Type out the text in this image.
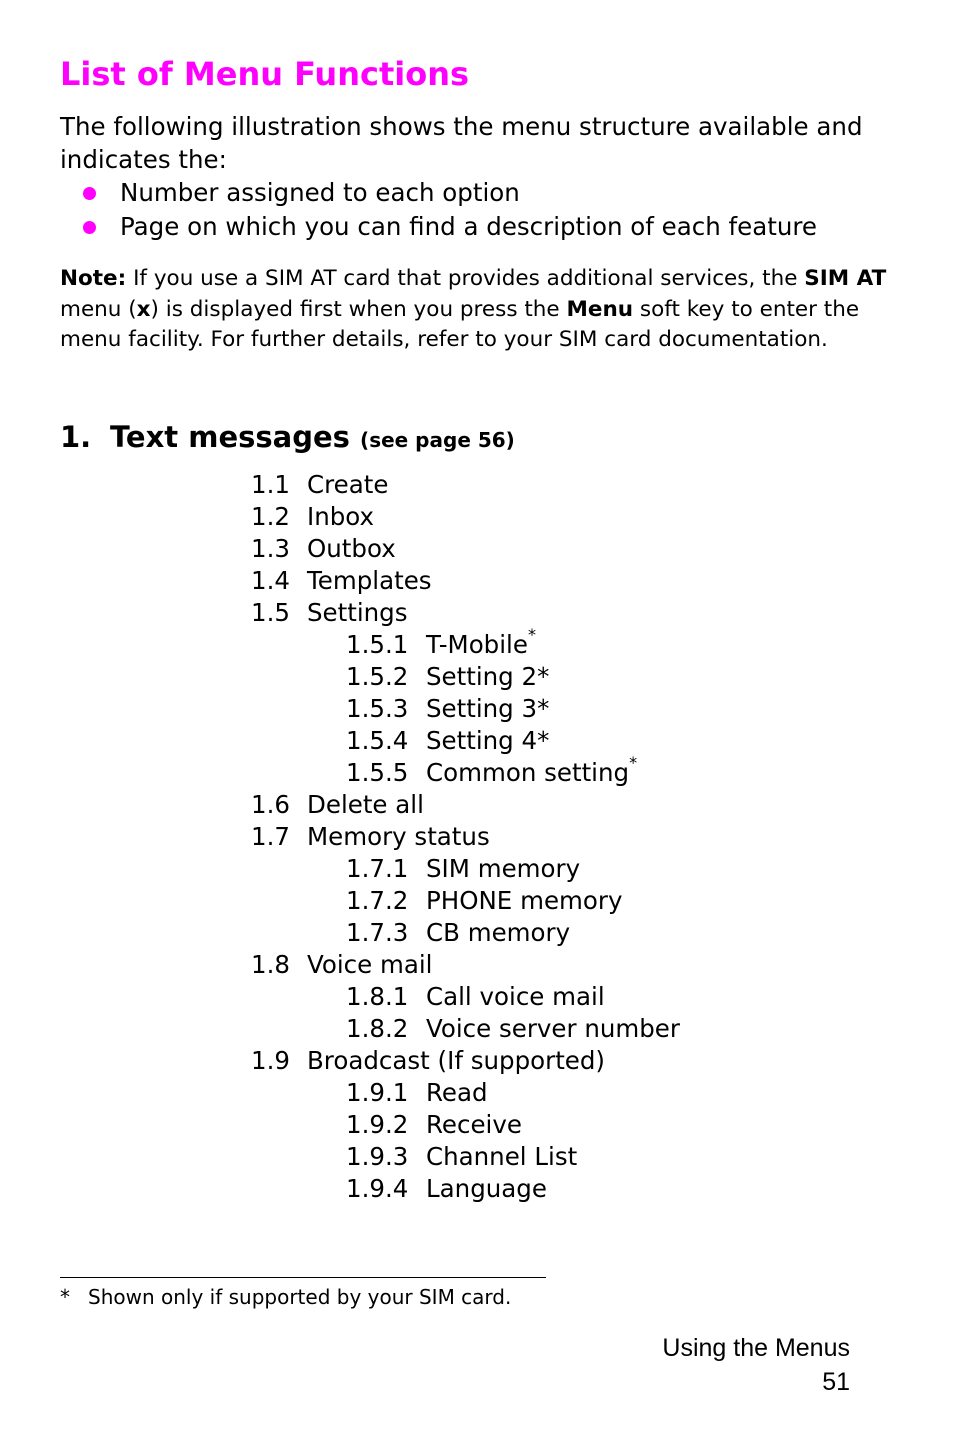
List of Menu Functions

The following illustration shows the menu structure available and indicates the:

Number assigned to each option
Page on which you can find a description of each feature

Note: If you use a SIM AT card that provides additional services, the SIM AT menu (x) is displayed first when you press the Menu soft key to enter the menu facility. For further details, refer to your SIM card documentation.

1. Text messages (see page 56)
1.1 Create
1.2 Inbox
1.3 Outbox
1.4 Templates
1.5 Settings
1.5.1 T-Mobile*
1.5.2 Setting 2*
1.5.3 Setting 3*
1.5.4 Setting 4*
1.5.5 Common setting*
1.6 Delete all
1.7 Memory status
1.7.1 SIM memory
1.7.2 PHONE memory
1.7.3 CB memory
1.8 Voice mail
1.8.1 Call voice mail
1.8.2 Voice server number
1.9 Broadcast (If supported)
1.9.1 Read
1.9.2 Receive
1.9.3 Channel List
1.9.4 Language

* Shown only if supported by your SIM card.

Using the Menus
51
